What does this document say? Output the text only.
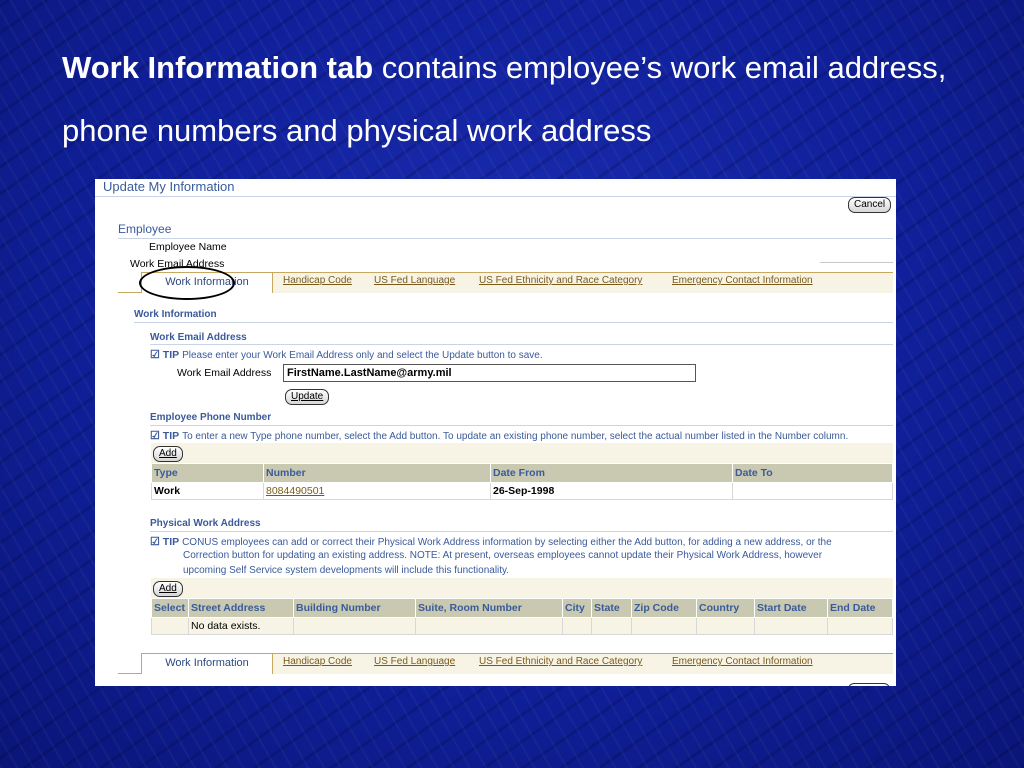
Work Information tab contains employee’s work email address, phone numbers and physical work address
Update My Information
Cancel
Employee
Employee Name
Work Email Address
Work Information	Handicap Code US Fed Language US Fed Ethnicity and Race Category	Emergency Contact Information
Work Information
Work Email Address
☑ TIP Please enter your Work Email Address only and select the Update button to save.
Work Email Address	FirstName.LastName@army.mil
Update
Employee Phone Number
☑ TIP To enter a new Type phone number, select the Add button. To update an existing phone number, select the actual number listed in the Number column.
Add
Type	Number	Date From	Date To
Work	8084490501	26-Sep-1998	
Physical Work Address
☑ TIP CONUS employees can add or correct their Physical Work Address information by selecting either the Add button, for adding a new address, or the
Correction button for updating an existing address. NOTE: At present, overseas employees cannot update their Physical Work Address, however
upcoming Self Service system developments will include this functionality.
Add
Select	Street Address	Building Number	Suite, Room Number	City	State	Zip Code	Country	Start Date	End Date
	No data exists.								
Work Information	Handicap Code US Fed Language US Fed Ethnicity and Race Category	Emergency Contact Information
